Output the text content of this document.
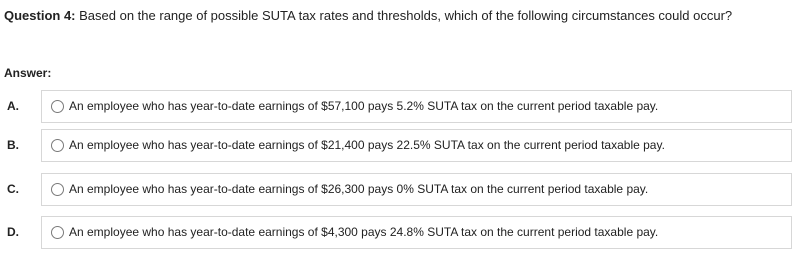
Question 4: Based on the range of possible SUTA tax rates and thresholds, which of the following circumstances could occur?
Answer:
A.	An employee who has year-to-date earnings of $57,100 pays 5.2% SUTA tax on the current period taxable pay.
B.	An employee who has year-to-date earnings of $21,400 pays 22.5% SUTA tax on the current period taxable pay.
C.	An employee who has year-to-date earnings of $26,300 pays 0% SUTA tax on the current period taxable pay.
D.	An employee who has year-to-date earnings of $4,300 pays 24.8% SUTA tax on the current period taxable pay.
